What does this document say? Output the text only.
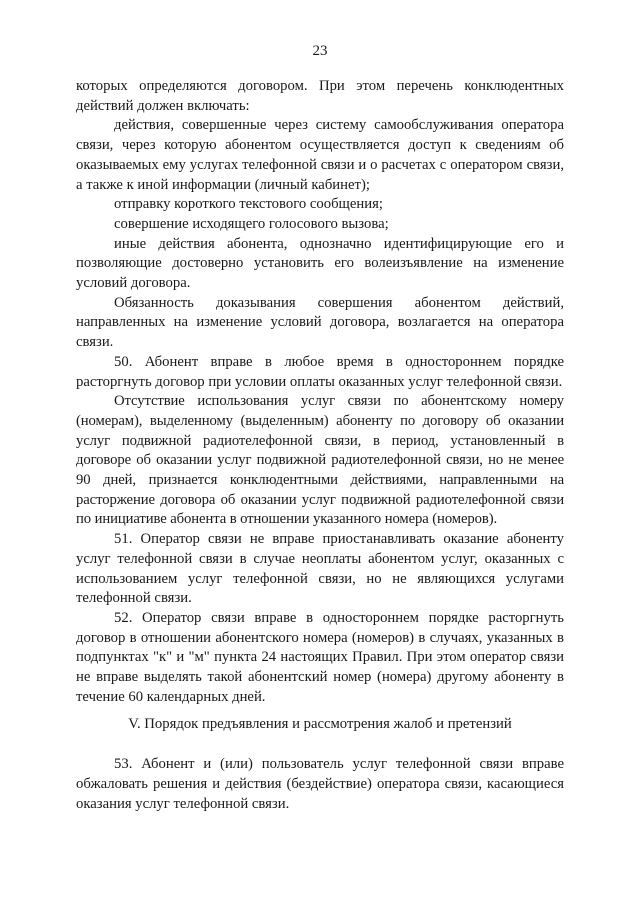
23

которых определяются договором. При этом перечень конклюдентных действий должен включать:

действия, совершенные через систему самообслуживания оператора связи, через которую абонентом осуществляется доступ к сведениям об оказываемых ему услугах телефонной связи и о расчетах с оператором связи, а также к иной информации (личный кабинет);

отправку короткого текстового сообщения;

совершение исходящего голосового вызова;

иные действия абонента, однозначно идентифицирующие его и позволяющие достоверно установить его волеизъявление на изменение условий договора.

Обязанность доказывания совершения абонентом действий, направленных на изменение условий договора, возлагается на оператора связи.

50. Абонент вправе в любое время в одностороннем порядке расторгнуть договор при условии оплаты оказанных услуг телефонной связи.

Отсутствие использования услуг связи по абонентскому номеру (номерам), выделенному (выделенным) абоненту по договору об оказании услуг подвижной радиотелефонной связи, в период, установленный в договоре об оказании услуг подвижной радиотелефонной связи, но не менее 90 дней, признается конклюдентными действиями, направленными на расторжение договора об оказании услуг подвижной радиотелефонной связи по инициативе абонента в отношении указанного номера (номеров).

51. Оператор связи не вправе приостанавливать оказание абоненту услуг телефонной связи в случае неоплаты абонентом услуг, оказанных с использованием услуг телефонной связи, но не являющихся услугами телефонной связи.

52. Оператор связи вправе в одностороннем порядке расторгнуть договор в отношении абонентского номера (номеров) в случаях, указанных в подпунктах "к" и "м" пункта 24 настоящих Правил. При этом оператор связи не вправе выделять такой абонентский номер (номера) другому абоненту в течение 60 календарных дней.

V. Порядок предъявления и рассмотрения жалоб и претензий

53. Абонент и (или) пользователь услуг телефонной связи вправе обжаловать решения и действия (бездействие) оператора связи, касающиеся оказания услуг телефонной связи.
